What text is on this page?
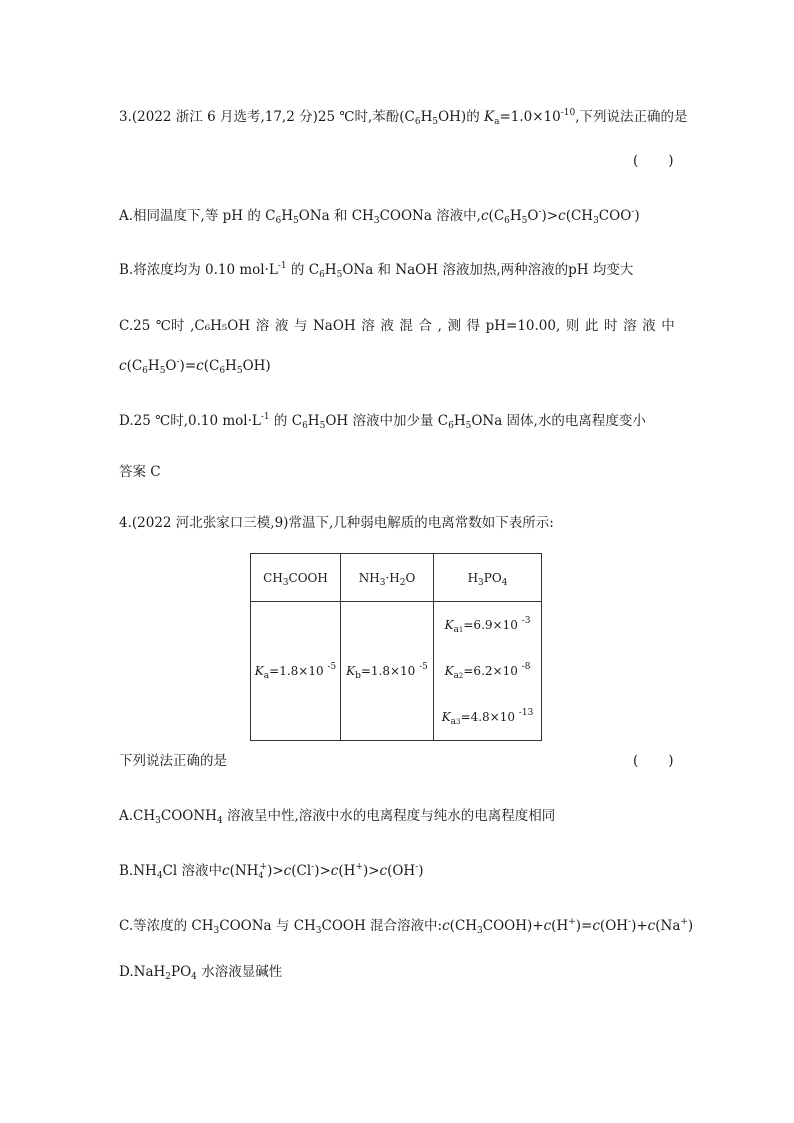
3.(2022 浙江 6 月选考,17,2 分)25 ℃时,苯酚$(C_6H_5OH)$的 $K_a=1.0\times 10^{-10}$,下列说法正确的是
(       )
A.相同温度下,等 pH 的 $C_6H_5ONa$ 和 $CH_3COONa$ 溶液中$,c(C_6H_5O^-)>c(CH_3COO^-)$
B.将浓度均为 0.10 $mol\cdot L^{-1}$ 的 $C_6H_5ONa$ 和 NaOH 溶液加热,两种溶液的pH 均变大
C.25 ℃时 ,C₆H₅OH 溶 液 与 NaOH 溶 液 混 合 , 测 得 pH=10.00, 则 此 时 溶 液 中
$c(C_6H_5O^-)=c(C_6H_5OH)$
D.25 ℃时,0.10 $mol\cdot L^{-1}$ 的 $C_6H_5OH$ 溶液中加少量 $C_6H_5ONa$ 固体,水的电离程度变小
答案 C
4.(2022 河北张家口三模,9)常温下,几种弱电解质的电离常数如下表所示:
$CH_3COOH$	$NH_3\cdot H_2O$	$H_3PO_4$
$K_a=1.8\times 10$ $^{-5}$	$K_b=1.8\times 10$ $^{-5}$	$K_{a1}=6.9\times 10$ $^{-3}$
$K_{a2}=6.2\times 10$ $^{-8}$
$K_{a3}=4.8\times 10$ $^{-13}$
下列说法正确的是	(       )
$A.CH_3COONH_4$ 溶液呈中性,溶液中水的电离程度与纯水的电离程度相同
$B.NH_4Cl$ 溶液中$c(NH_4^+)>c(Cl^-)>c(H^+)>c(OH^-)$
C.等浓度的 $CH_3COONa$ 与 $CH_3COOH$ 混合溶液中$:c(CH_3COOH)+c(H^+)=c(OH^-)+c(Na^+)$
$D.NaH_2PO_4$ 水溶液显碱性
